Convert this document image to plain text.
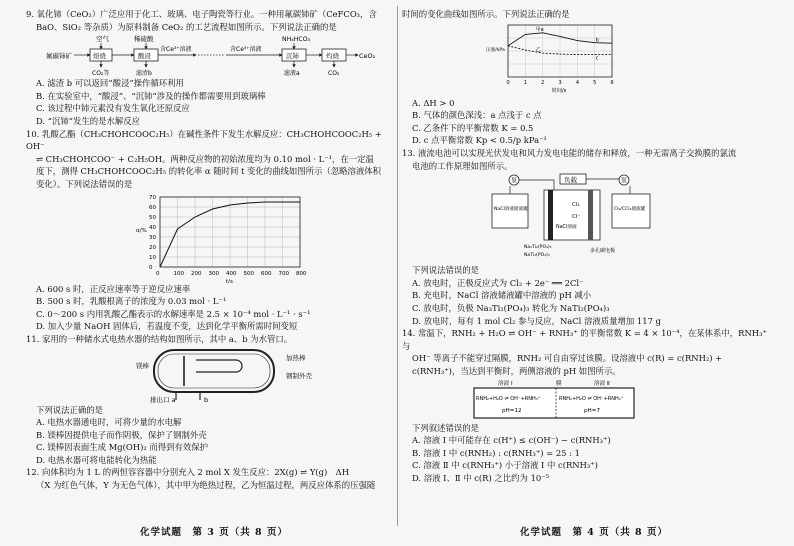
9. 氧化铈（CeO₂）广泛应用于化工、玻璃、电子陶瓷等行业。一种用氟碳铈矿（CeFCO₃，含

BaO、SiO₂ 等杂质）为原料制备 CeO₂ 的工艺流程如图所示。下列说法正确的是

氟碳铈矿
空气
焙烧
CO₂等
稀硫酸
酸浸
滤渣b
含Ce³⁺溶液	含Ce³⁺溶液
NH₄HCO₃
沉铈
滤液a
灼烧
CO₂
CeO₂

A. 滤渣 b 可以返回“酸浸”操作循环利用

B. 在实验室中，“酸浸”、“沉铈”涉及的操作都需要用到玻璃棒

C. 该过程中铈元素没有发生氧化还原反应

D. “沉铈”发生的是水解反应

10. 乳酸乙酯（CH₃CHOHCOOC₂H₅）在碱性条件下发生水解反应：CH₃CHOHCOOC₂H₅ + OH⁻

⇌ CH₃CHOHCOO⁻ + C₂H₅OH。两种反应物的初始浓度均为 0.10 mol · L⁻¹，在一定温

度下，测得 CH₃CHOHCOOC₂H₅ 的转化率 α 随时间 t 变化的曲线如图所示（忽略溶液体积

变化）。下列说法错误的是

0	100 200 300 400 500 600 700 800
0
10
20
30
40
50
60
70
α/%
t/s

A. 600 s 时，正反应速率等于逆反应速率

B. 500 s 时，乳酸根离子的浓度为 0.03 mol · L⁻¹

C. 0～200 s 内用乳酸乙酯表示的水解速率是 2.5 × 10⁻⁴ mol · L⁻¹ · s⁻¹

D. 加入少量 NaOH 固体后，若温度不变，达到化学平衡所需时间变短

11. 家用的一种储水式电热水器的结构如图所示，其中 a、b 为水管口。

镁棒
加热棒
钢制外壳
排出口 a	b

下列说法正确的是

A. 电热水器通电时，可将少量的水电解

B. 镁棒因提供电子而作阴极，保护了钢制外壳

C. 镁棒因表面生成 Mg(OH)₂ 而得到有效保护

D. 电热水器可将电能转化为热能

12. 向体积均为 1 L 的两恒容容器中分别充入 2 mol X 发生反应：2X(g) ⇌ Y(g)　ΔH

（X 为红色气体，Y 为无色气体），其中甲为绝热过程，乙为恒温过程，两反应体系的压强随

化学试题　第 3 页（共 8 页）

时间的变化曲线如图所示。下列说法正确的是

0	1	2	3	4	5	6
甲
乙
a
b
c
压强/kPa
时间/s

A. ΔH > 0

B. 气体的颜色深浅：a 点浅于 c 点

C. 乙条件下的平衡常数 K = 0.5

D. c 点平衡常数 Kp < 0.5/p kPa⁻¹

13. 液流电池可以实现光伏发电和风力发电电能的储存和释放，一种无需离子交换膜的氯流

电池的工作原理如图所示。

负载
泵	泵
NaCl溶液储液罐
NaCl溶液
Cl₂
Cl⁻
Cl₂/CCl₄储液罐
Na₃Ti₂(PO₄)₃
NaTi₂(PO₄)₃
多孔碳电极

下列说法错误的是

A. 放电时，正极反应式为 Cl₂ + 2e⁻ ══ 2Cl⁻

B. 充电时，NaCl 溶液储液罐中溶液的 pH 减小

C. 放电时，负极 Na₃Ti₂(PO₄)₃ 转化为 NaTi₂(PO₄)₃

D. 放电时，每有 1 mol Cl₂ 参与反应，NaCl 溶液质量增加 117 g

14. 常温下，RNH₂ + H₂O ⇌ OH⁻ + RNH₃⁺ 的平衡常数 K = 4 × 10⁻⁴，在某体系中，RNH₃⁺ 与

OH⁻ 等离子不能穿过隔膜，RNH₂ 可自由穿过该膜。设溶液中 c(R) = c(RNH₂) +

c(RNH₃⁺)，当达到平衡时，两侧溶液的 pH 如图所示。

溶液 Ⅰ	膜	溶液 Ⅱ
RNH₂+H₂O ⇌ OH⁻+RNH₃⁺	RNH₂+H₂O ⇌ OH⁻+RNH₃⁺
pH=12	pH=7

下列叙述错误的是

A. 溶液 Ⅰ 中可能存在 c(H⁺) ≤ c(OH⁻) − c(RNH₃⁺)

B. 溶液 Ⅰ 中 c(RNH₂) : c(RNH₃⁺) = 25 : 1

C. 溶液 Ⅱ 中 c(RNH₃⁺) 小于溶液 Ⅰ 中 c(RNH₃⁺)

D. 溶液 Ⅰ、Ⅱ 中 c(R) 之比约为 10⁻⁵

化学试题　第 4 页（共 8 页）
